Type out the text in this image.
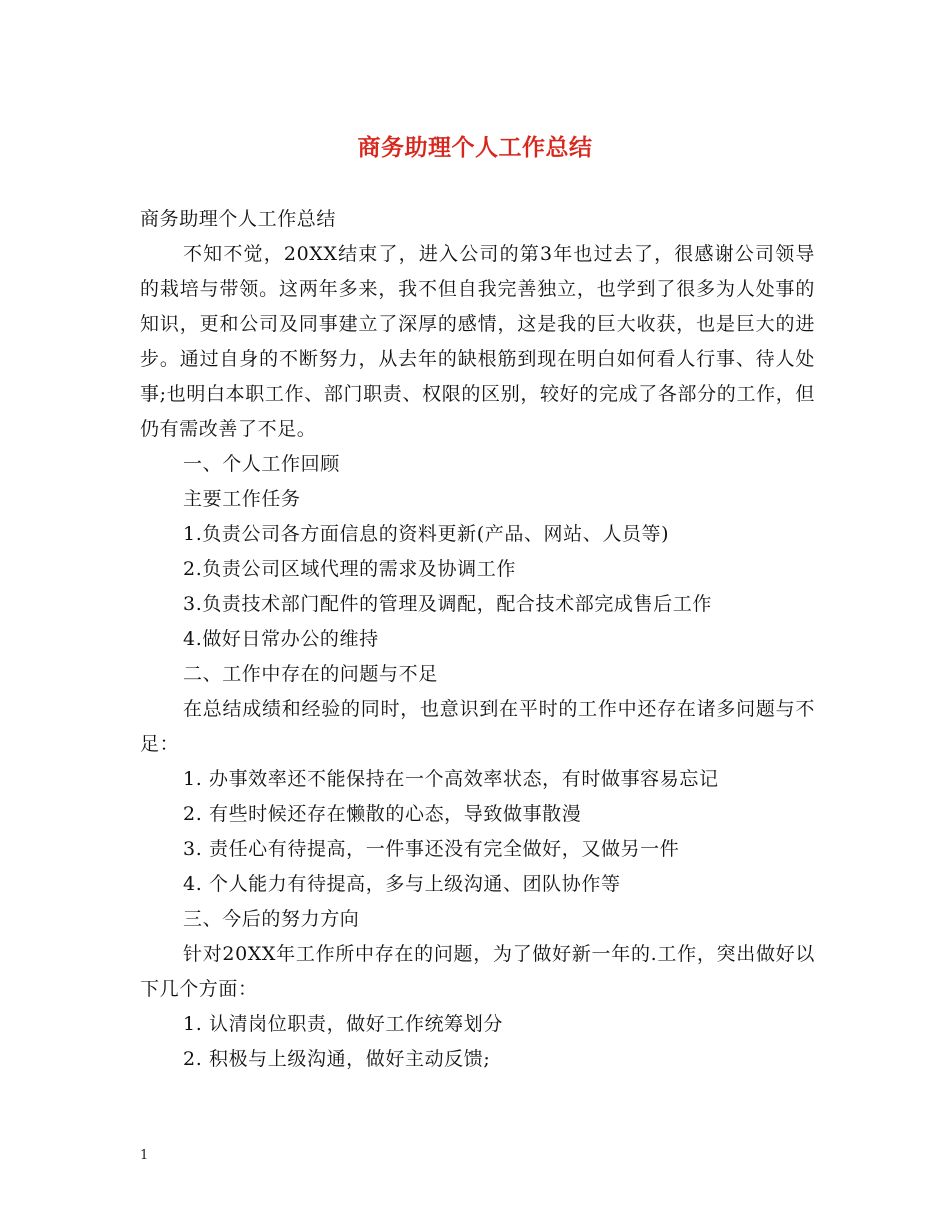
商务助理个人工作总结

商务助理个人工作总结

不知不觉，20XX结束了，进入公司的第3年也过去了，很感谢公司领导的栽培与带领。这两年多来，我不但自我完善独立，也学到了很多为人处事的知识，更和公司及同事建立了深厚的感情，这是我的巨大收获，也是巨大的进步。通过自身的不断努力，从去年的缺根筋到现在明白如何看人行事、待人处事;也明白本职工作、部门职责、权限的区别，较好的完成了各部分的工作，但仍有需改善了不足。

一、个人工作回顾

主要工作任务

1.负责公司各方面信息的资料更新(产品、网站、人员等)

2.负责公司区域代理的需求及协调工作

3.负责技术部门配件的管理及调配，配合技术部完成售后工作

4.做好日常办公的维持

二、工作中存在的问题与不足

在总结成绩和经验的同时，也意识到在平时的工作中还存在诸多问题与不足：

1. 办事效率还不能保持在一个高效率状态，有时做事容易忘记

2. 有些时候还存在懒散的心态，导致做事散漫

3. 责任心有待提高，一件事还没有完全做好，又做另一件

4. 个人能力有待提高，多与上级沟通、团队协作等

三、今后的努力方向

针对20XX年工作所中存在的问题，为了做好新一年的.工作，突出做好以下几个方面：

1. 认清岗位职责，做好工作统筹划分

2. 积极与上级沟通，做好主动反馈;

1
